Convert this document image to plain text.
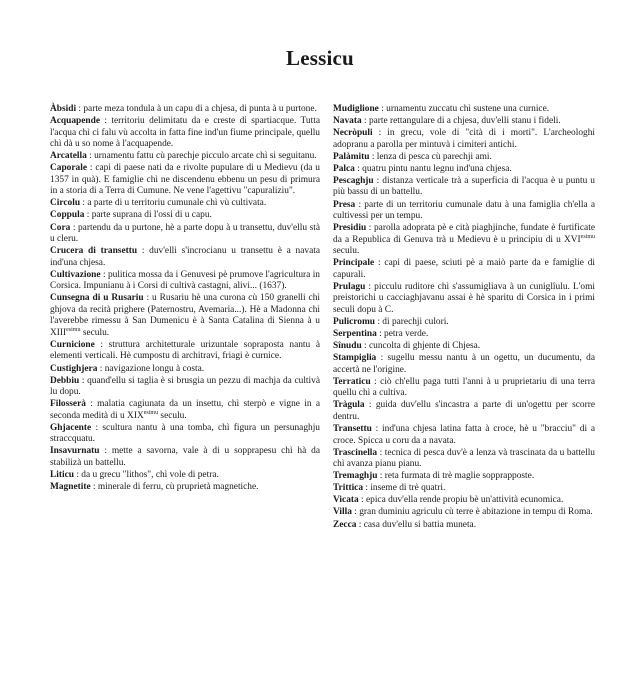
Lessicu
Àbsidi : parte meza tondula à un capu di a chjesa, di punta à u purtone.
Acquapende : territoriu delimitatu da e creste di spartiacque. Tutta l'acqua chì ci falu vù accolta in fatta fine ind'un fiume principale, quellu chì dà u so nome à l'acquapende.
Arcatella : urnamentu fattu cù parechje picculo arcate chì si seguitanu.
Caporale : capi di paese nati da e rivolte pupulare di u Medievu (da u 1357 in quà). E famiglie chì ne discendenu ebbenu un pesu di primura in a storia di a Terra di Cumune. Ne vene l'agettivu "capuraliziu".
Circolu : a parte di u territoriu cumunale chì vù cultivata.
Coppula : parte suprana di l'ossi di u capu.
Cora : partendu da u purtone, hè a parte dopu à u transettu, duv'ellu stà u cleru.
Crucera di transettu : duv'elli s'incrocianu u transettu è a navata ind'una chjesa.
Cultivazione : pulitica mossa da i Genuvesi pè prumove l'agricultura in Corsica. Impunianu à i Corsi di cultivà castagni, alivi... (1637).
Cunsegna di u Rusariu : u Rusariu hè una curona cù 150 granelli chì ghjova da recità prighere (Paternostru, Avemaria...). Hè a Madonna chì l'averebbe rimessu à San Dumenicu è à Santa Catalina di Sienna à u $XIII^{esimu}$ seculu.
Curnicione : struttura architetturale urizuntale sopraposta nantu à elementi verticali. Hè cumpostu di architravi, friagi è curnice.
Custighjera : navigazione longu à costa.
Debbiu : quand'ellu si taglia è si brusgia un pezzu di machja da cultivà lu dopu.
Filosserà : malatia cagiunata da un insettu, chì sterpò e vigne in a seconda medità di u $XIX^{esimu}$ seculu.
Ghjacente : scultura nantu à una tomba, chì figura un persunaghju straccquatu.
Insavurnatu : mette a savorna, vale à di u sopprapesu chì hà da stabilizà un battellu.
Liticu : da u grecu "lithos", chì vole di petra.
Magnetite : minerale di ferru, cù pruprietà magnetiche.
Mudiglione : urnamentu zuccatu chì sustene una curnice.
Navata : parte rettangulare di a chjesa, duv'elli stanu i fideli.
Necròpuli : in grecu, vole di "cità di i morti". L'archeologhi adopranu a parolla per mintuvà i cimiteri antichi.
Palàmitu : lenza di pesca cù parechji ami.
Palca : quatru pintu nantu legnu ind'una chjesa.
Pescaghju : distanza verticale trà a superficia di l'acqua è u puntu u più bassu di un battellu.
Presa : parte di un territoriu cumunale datu à una famiglia ch'ella a cultivessi per un tempu.
Presidiu : parolla adoprata pè e cità piaghjinche, fundate è furtificate da a Republica di Genuva trà u Medievu è u principiu di u $XVI^{esimu}$ seculu.
Principale : capi di paese, sciuti pè a maiò parte da e famiglie di capurali.
Prulagu : picculu ruditore chì s'assumigliava à un cuniglîulu. L'omi preistorichi u cacciaghjavanu assai è hè sparitu di Corsica in i primi seculi dopu à C.
Pulicromu : di parechji culori.
Serpentina : petra verde.
Sînudu : cuncolta di ghjente di Chjesa.
Stampiglia : sugellu messu nantu à un ogettu, un ducumentu, da accertà ne l'origine.
Terraticu : ciò ch'ellu paga tutti l'anni à u pruprietariu di una terra quellu chì a cultiva.
Tràgula : guida duv'ellu s'incastra a parte di un'ogettu per scorre dentru.
Transettu : ind'una chjesa latina fatta à croce, hè u "bracciu" di a croce. Spicca u coru da a navata.
Trascinella : tecnica di pesca duv'è a lenza và trascinata da u battellu chì avanza pianu pianu.
Tremaghju : reta furmata di trè maglie sopprapposte.
Trittica : inseme di trè quatri.
Vicata : epica duv'ella rende propiu bè un'attività ecunomica.
Villa : gran duminiu agriculu cù terre è abitazione in tempu di Roma.
Zecca : casa duv'ellu si battia muneta.
